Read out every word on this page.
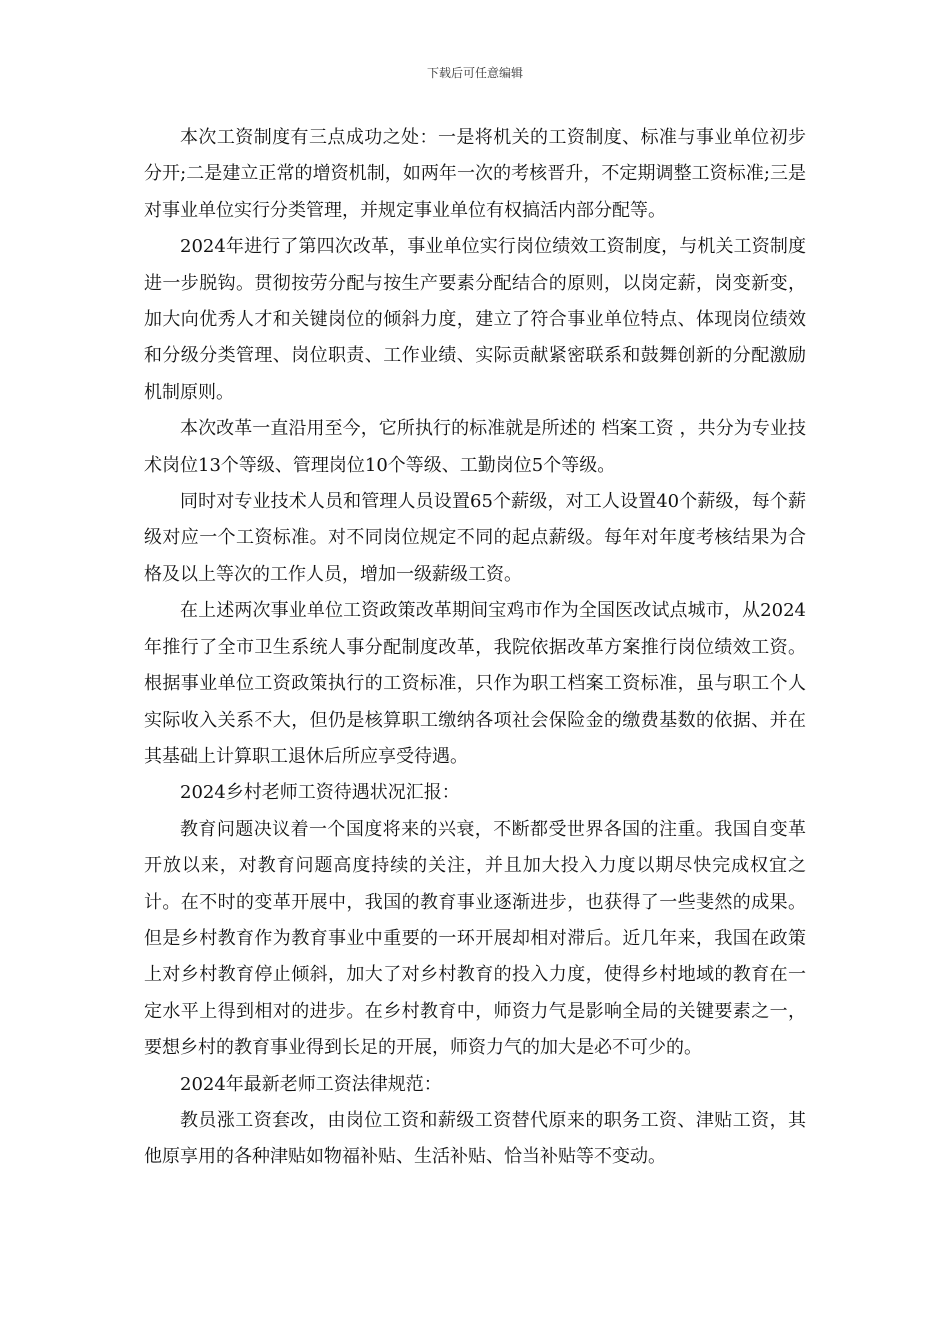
下载后可任意编辑

本次工资制度有三点成功之处：一是将机关的工资制度、标准与事业单位初步分开;二是建立正常的增资机制，如两年一次的考核晋升，不定期调整工资标准;三是对事业单位实行分类管理，并规定事业单位有权搞活内部分配等。

2024年进行了第四次改革，事业单位实行岗位绩效工资制度，与机关工资制度进一步脱钩。贯彻按劳分配与按生产要素分配结合的原则，以岗定薪，岗变新变，加大向优秀人才和关键岗位的倾斜力度，建立了符合事业单位特点、体现岗位绩效和分级分类管理、岗位职责、工作业绩、实际贡献紧密联系和鼓舞创新的分配激励机制原则。

本次改革一直沿用至今，它所执行的标准就是所述的 档案工资 ，共分为专业技术岗位13个等级、管理岗位10个等级、工勤岗位5个等级。

同时对专业技术人员和管理人员设置65个薪级，对工人设置40个薪级，每个薪级对应一个工资标准。对不同岗位规定不同的起点薪级。每年对年度考核结果为合格及以上等次的工作人员，增加一级薪级工资。

在上述两次事业单位工资政策改革期间宝鸡市作为全国医改试点城市，从2024年推行了全市卫生系统人事分配制度改革，我院依据改革方案推行岗位绩效工资。根据事业单位工资政策执行的工资标准，只作为职工档案工资标准，虽与职工个人实际收入关系不大，但仍是核算职工缴纳各项社会保险金的缴费基数的依据、并在其基础上计算职工退休后所应享受待遇。

2024乡村老师工资待遇状况汇报：

教育问题决议着一个国度将来的兴衰，不断都受世界各国的注重。我国自变革开放以来，对教育问题高度持续的关注，并且加大投入力度以期尽快完成权宜之计。在不时的变革开展中，我国的教育事业逐渐进步，也获得了一些斐然的成果。但是乡村教育作为教育事业中重要的一环开展却相对滞后。近几年来，我国在政策上对乡村教育停止倾斜，加大了对乡村教育的投入力度，使得乡村地域的教育在一定水平上得到相对的进步。在乡村教育中，师资力气是影响全局的关键要素之一，要想乡村的教育事业得到长足的开展，师资力气的加大是必不可少的。

2024年最新老师工资法律规范：

教员涨工资套改，由岗位工资和薪级工资替代原来的职务工资、津贴工资，其他原享用的各种津贴如物福补贴、生活补贴、恰当补贴等不变动。
